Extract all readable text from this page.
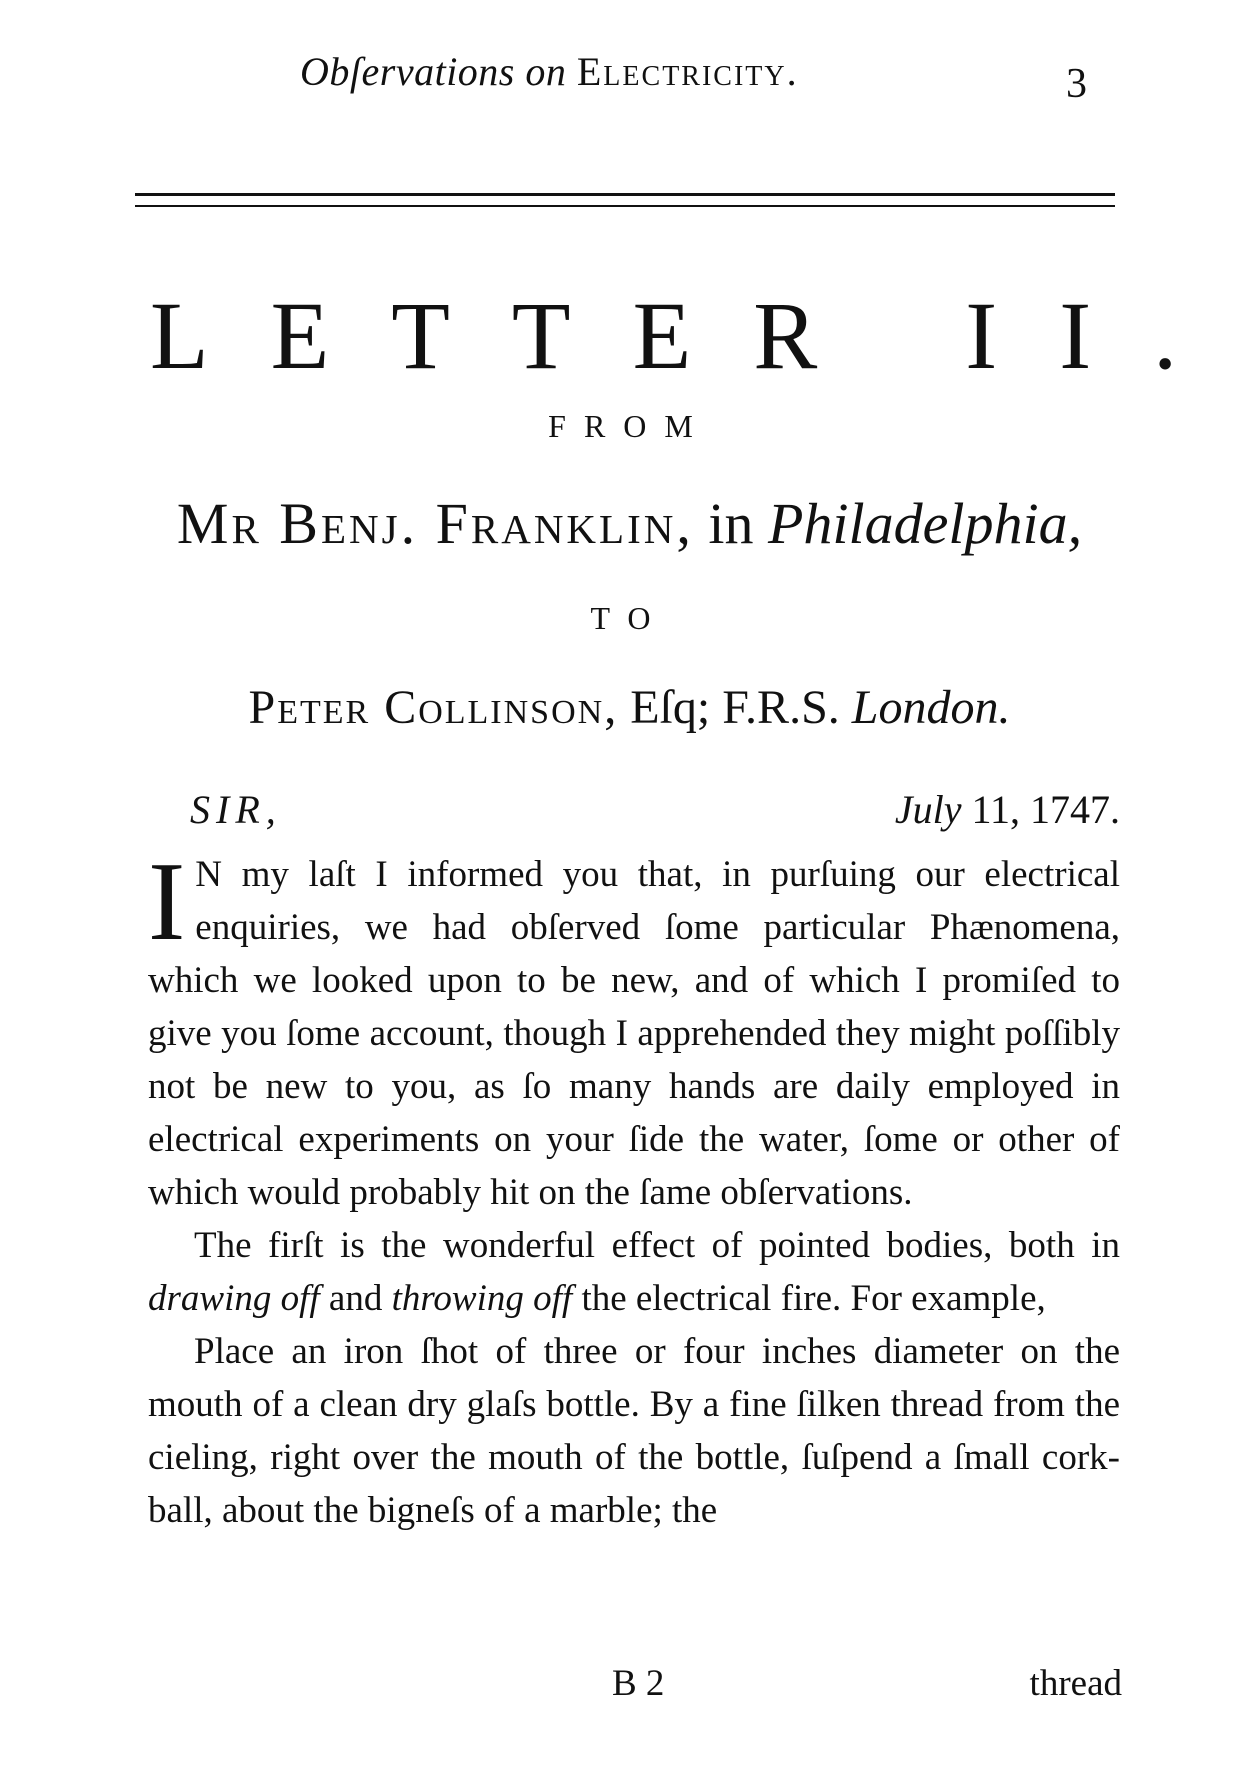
Obſervations on Electricity.	3
LETTER II.
FROM
Mr Benj. Franklin, in Philadelphia,
TO
Peter Collinson, Eſq; F.R.S. London.
SIR,	July 11, 1747.

I N my laſt I informed you that, in purſuing our electrical enquiries, we had obſerved ſome particular Phænomena, which we looked upon to be new, and of which I promiſed to give you ſome account, though I apprehended they might poſſibly not be new to you, as ſo many hands are daily employed in electrical experiments on your ſide the water, ſome or other of which would probably hit on the ſame obſervations.

The firſt is the wonderful effect of pointed bodies, both in drawing off and throwing off the electrical fire. For example,

Place an iron ſhot of three or four inches diameter on the mouth of a clean dry glaſs bottle. By a fine ſilken thread from the cieling, right over the mouth of the bottle, ſuſpend a ſmall cork-ball, about the bigneſs of a marble; the

B 2	thread
